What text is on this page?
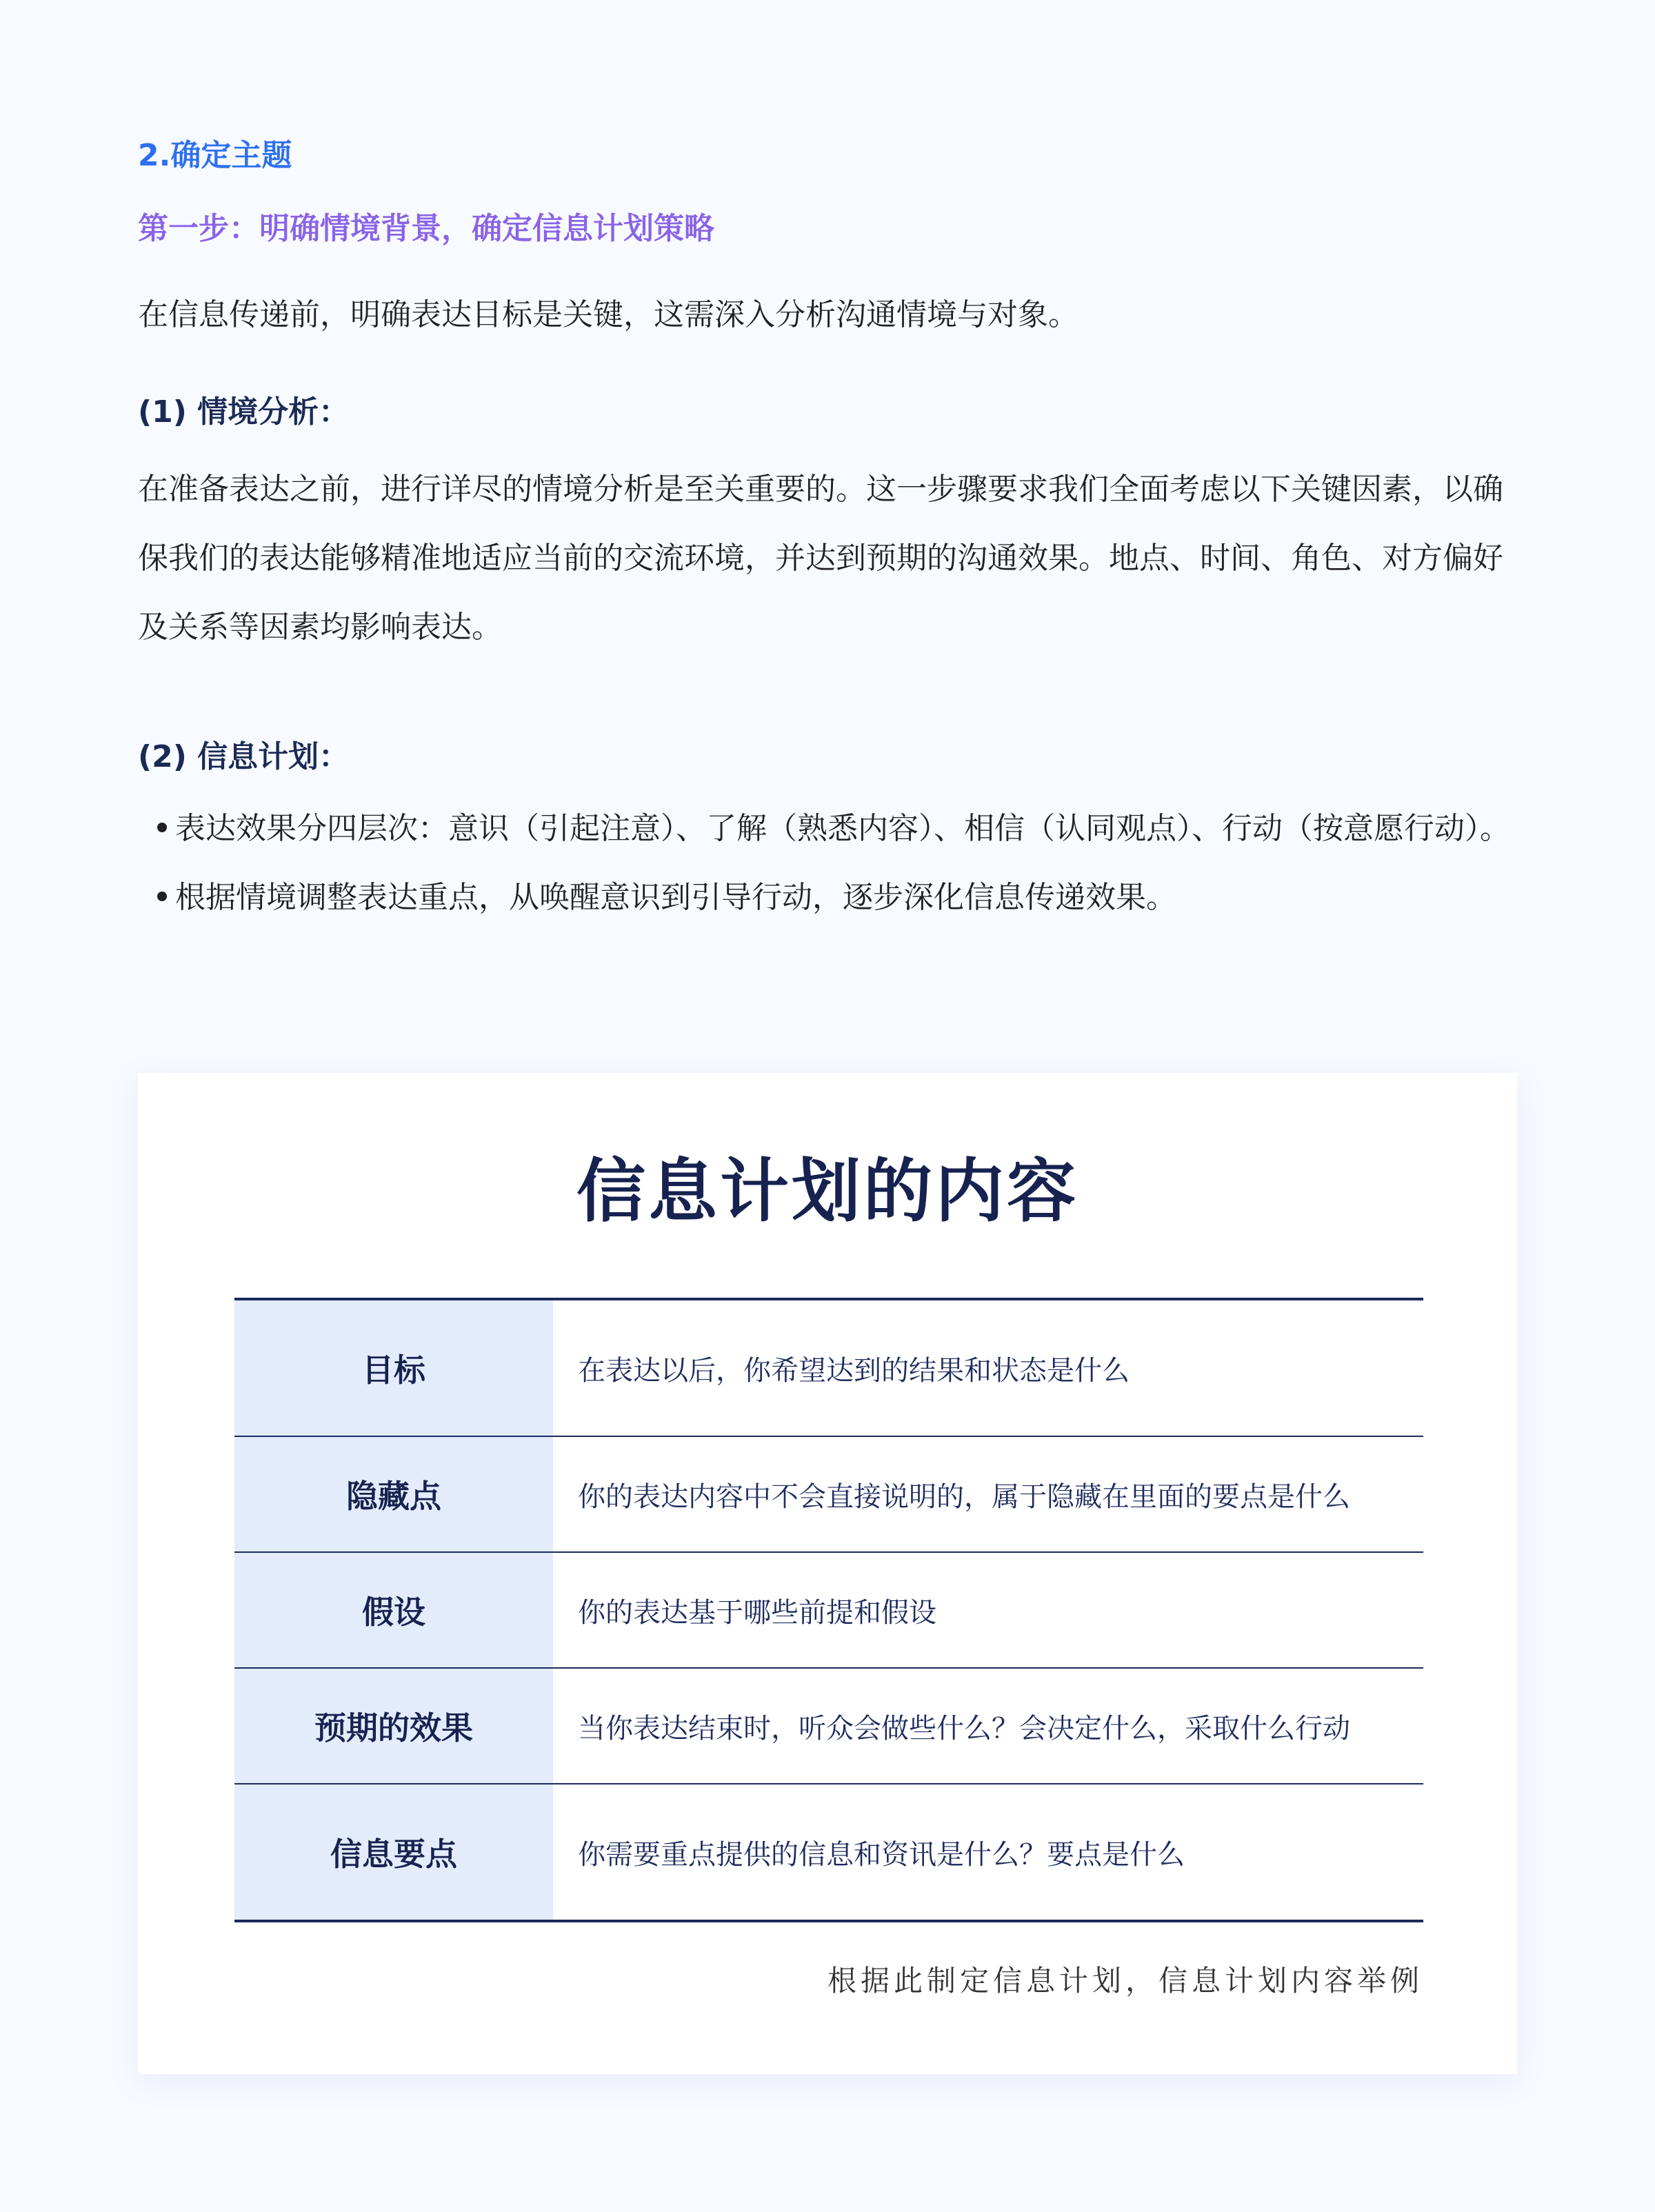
2.确定主题
第一步：明确情境背景，确定信息计划策略
在信息传递前，明确表达目标是关键，这需深入分析沟通情境与对象。
(1) 情境分析：
在准备表达之前，进行详尽的情境分析是至关重要的。这一步骤要求我们全面考虑以下关键因素，以确保我们的表达能够精准地适应当前的交流环境，并达到预期的沟通效果。地点、时间、角色、对方偏好及关系等因素均影响表达。
(2) 信息计划：

表达效果分四层次：意识（引起注意）、了解（熟悉内容）、相信（认同观点）、行动（按意愿行动）。

根据情境调整表达重点，从唤醒意识到引导行动，逐步深化信息传递效果。

信息计划的内容
目标	在表达以后，你希望达到的结果和状态是什么
隐藏点	你的表达内容中不会直接说明的，属于隐藏在里面的要点是什么
假设	你的表达基于哪些前提和假设
预期的效果	当你表达结束时，听众会做些什么？会决定什么，采取什么行动
信息要点	你需要重点提供的信息和资讯是什么？要点是什么
根据此制定信息计划，信息计划内容举例
